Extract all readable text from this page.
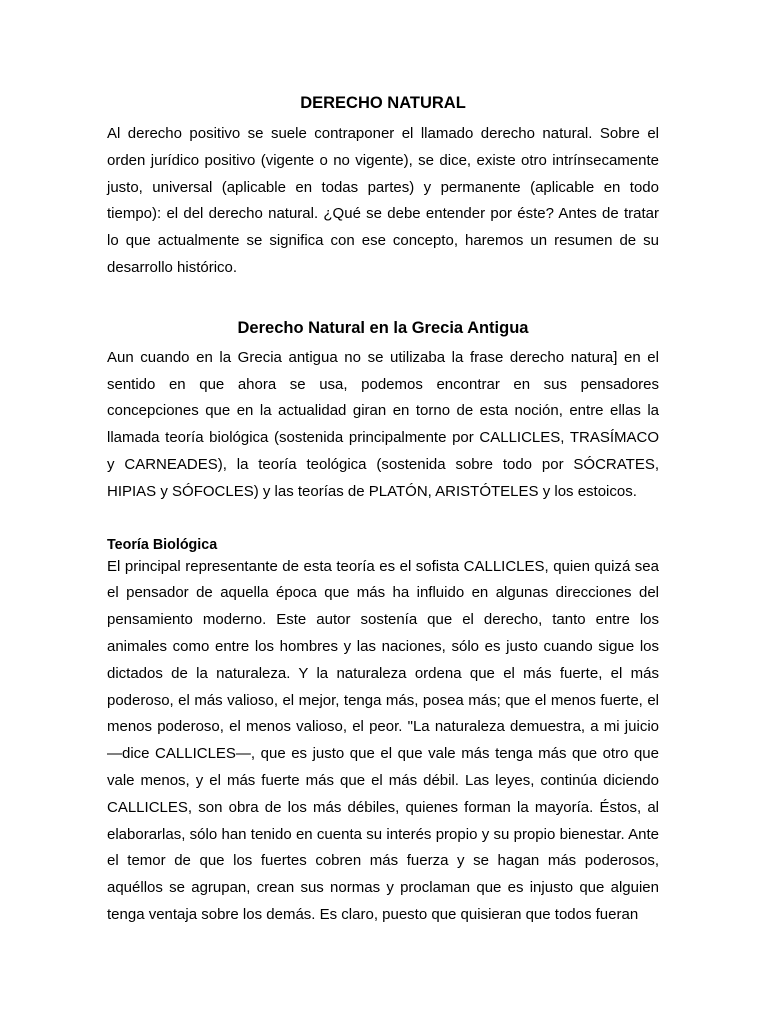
DERECHO NATURAL

Al derecho positivo se suele contraponer el llamado derecho natural. Sobre el orden jurídico positivo (vigente o no vigente), se dice, existe otro intrínsecamente justo, universal (aplicable en todas partes) y permanente (aplicable en todo tiempo): el del derecho natural. ¿Qué se debe entender por éste? Antes de tratar lo que actualmente se significa con ese concepto, haremos un resumen de su desarrollo histórico.

Derecho Natural en la Grecia Antigua

Aun cuando en la Grecia antigua no se utilizaba la frase derecho natura] en el sentido en que ahora se usa, podemos encontrar en sus pensadores concepciones que en la actualidad giran en torno de esta noción, entre ellas la llamada teoría biológica (sostenida principalmente por CALLICLES, TRASÍMACO y CARNEADES), la teoría teológica (sostenida sobre todo por SÓCRATES, HIPIAS y SÓFOCLES) y las teorías de PLATÓN, ARISTÓTELES y los estoicos.

Teoría Biológica

El principal representante de esta teoría es el sofista CALLICLES, quien quizá sea el pensador de aquella época que más ha influido en algunas direcciones del pensamiento moderno. Este autor sostenía que el derecho, tanto entre los animales como entre los hombres y las naciones, sólo es justo cuando sigue los dictados de la naturaleza. Y la naturaleza ordena que el más fuerte, el más poderoso, el más valioso, el mejor, tenga más, posea más; que el menos fuerte, el menos poderoso, el menos valioso, el peor. "La naturaleza demuestra, a mi juicio —dice CALLICLES—, que es justo que el que vale más tenga más que otro que vale menos, y el más fuerte más que el más débil. Las leyes, continúa diciendo CALLICLES, son obra de los más débiles, quienes forman la mayoría. Éstos, al elaborarlas, sólo han tenido en cuenta su interés propio y su propio bienestar. Ante el temor de que los fuertes cobren más fuerza y se hagan más poderosos, aquéllos se agrupan, crean sus normas y proclaman que es injusto que alguien tenga ventaja sobre los demás. Es claro, puesto que quisieran que todos fueran
